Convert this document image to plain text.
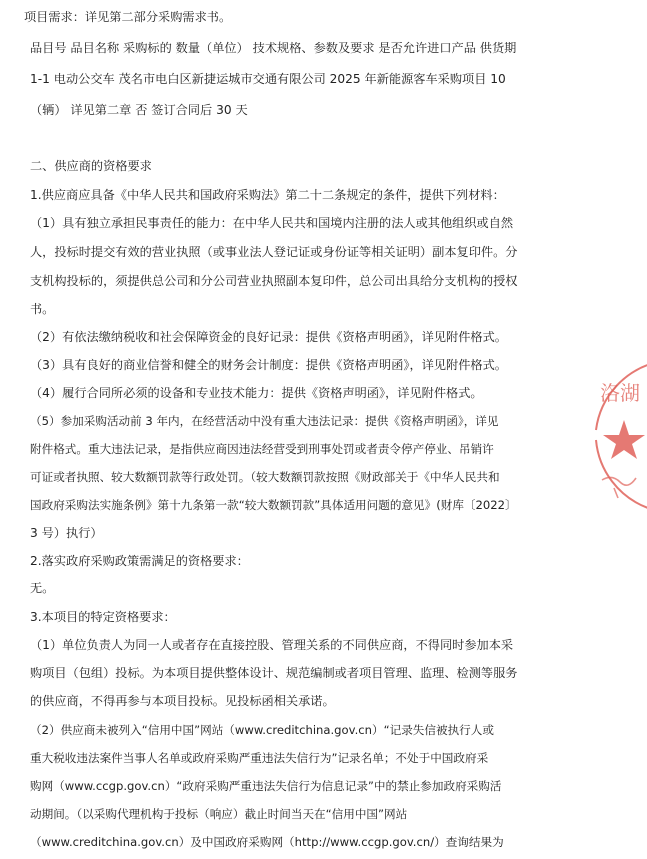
项目需求：详见第二部分采购需求书。
品目号 品目名称 采购标的 数量（单位） 技术规格、参数及要求 是否允许进口产品 供货期
1-1 电动公交车 茂名市电白区新捷运城市交通有限公司 2025 年新能源客车采购项目 10
（辆） 详见第二章 否 签订合同后 30 天
二、供应商的资格要求
1.供应商应具备《中华人民共和国政府采购法》第二十二条规定的条件，提供下列材料：
（1）具有独立承担民事责任的能力：在中华人民共和国境内注册的法人或其他组织或自然
人，投标时提交有效的营业执照（或事业法人登记证或身份证等相关证明）副本复印件。分
支机构投标的，须提供总公司和分公司营业执照副本复印件，总公司出具给分支机构的授权
书。
（2）有依法缴纳税收和社会保障资金的良好记录：提供《资格声明函》，详见附件格式。
（3）具有良好的商业信誉和健全的财务会计制度：提供《资格声明函》，详见附件格式。
（4）履行合同所必须的设备和专业技术能力：提供《资格声明函》，详见附件格式。
（5）参加采购活动前 3 年内，在经营活动中没有重大违法记录：提供《资格声明函》，详见
附件格式。重大违法记录，是指供应商因违法经营受到刑事处罚或者责令停产停业、吊销许
可证或者执照、较大数额罚款等行政处罚。（较大数额罚款按照《财政部关于《中华人民共和
国政府采购法实施条例》第十九条第一款“较大数额罚款”具体适用问题的意见》(财库〔2022〕
3 号）执行）
2.落实政府采购政策需满足的资格要求：
无。
3.本项目的特定资格要求：
（1）单位负责人为同一人或者存在直接控股、管理关系的不同供应商，不得同时参加本采
购项目（包组）投标。为本项目提供整体设计、规范编制或者项目管理、监理、检测等服务
的供应商，不得再参与本项目投标。见投标函相关承诺。
（2）供应商未被列入“信用中国”网站（www.creditchina.gov.cn）“记录失信被执行人或
重大税收违法案件当事人名单或政府采购严重违法失信行为”记录名单；不处于中国政府采
购网（www.ccgp.gov.cn）“政府采购严重违法失信行为信息记录”中的禁止参加政府采购活
动期间。（以采购代理机构于投标（响应）截止时间当天在“信用中国”网站
（www.creditchina.gov.cn）及中国政府采购网（http://www.ccgp.gov.cn/）查询结果为
洛湖
